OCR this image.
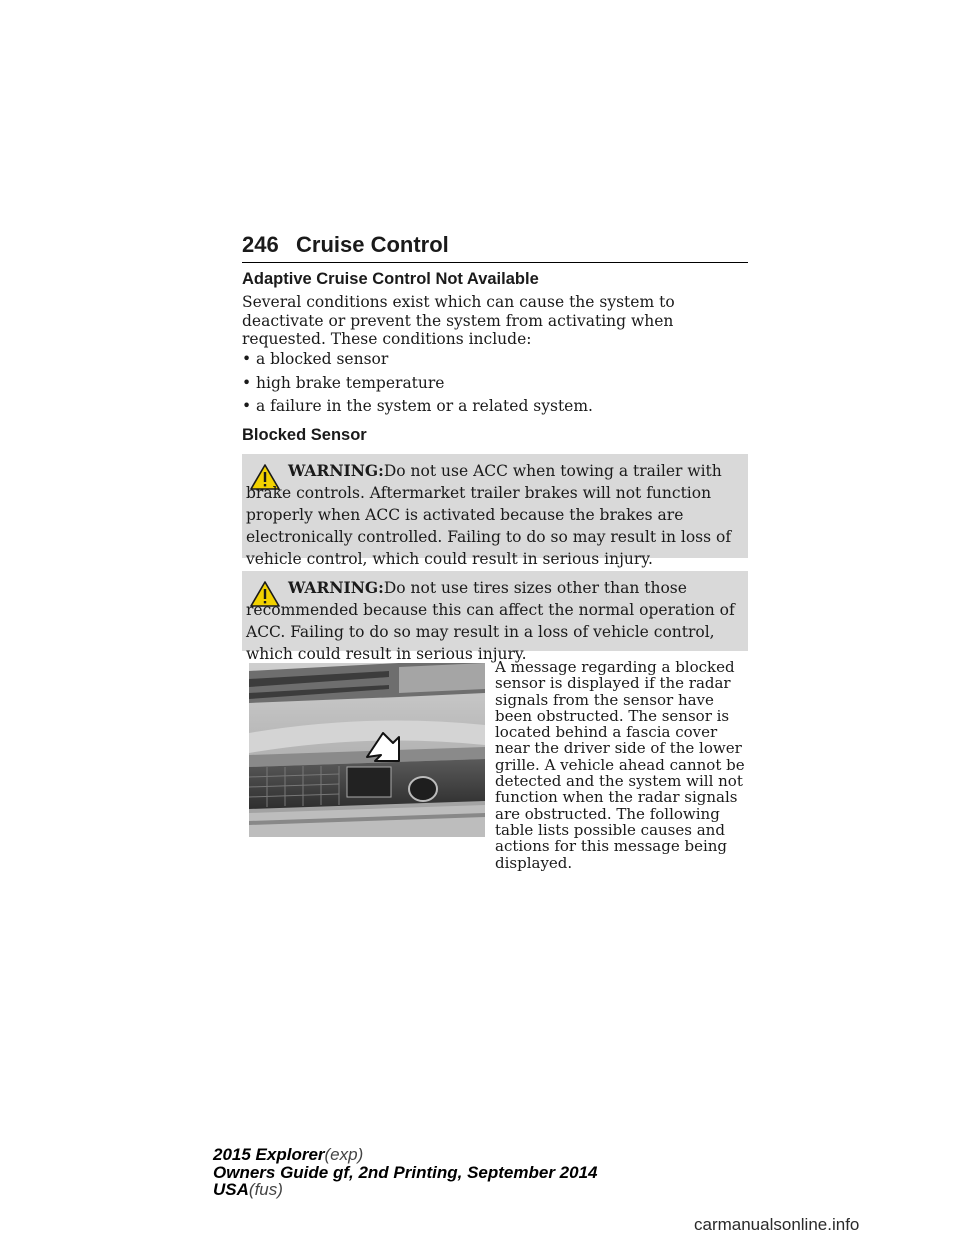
246 Cruise Control
Adaptive Cruise Control Not Available
Several conditions exist which can cause the system to deactivate or prevent the system from activating when requested. These conditions include:
• a blocked sensor
• high brake temperature
• a failure in the system or a related system.
Blocked Sensor
WARNING:Do not use ACC when towing a trailer with brake controls. Aftermarket trailer brakes will not function properly when ACC is activated because the brakes are electronically controlled. Failing to do so may result in loss of vehicle control, which could result in serious injury.
WARNING:Do not use tires sizes other than those recommended because this can affect the normal operation of ACC. Failing to do so may result in a loss of vehicle control, which could result in serious injury.
A message regarding a blocked sensor is displayed if the radar signals from the sensor have been obstructed. The sensor is located behind a fascia cover near the driver side of the lower grille. A vehicle ahead cannot be detected and the system will not function when the radar signals are obstructed. The following table lists possible causes and actions for this message being displayed.
2015 Explorer(exp)
Owners Guide gf, 2nd Printing, September 2014
USA(fus)
carmanualsonline.info
